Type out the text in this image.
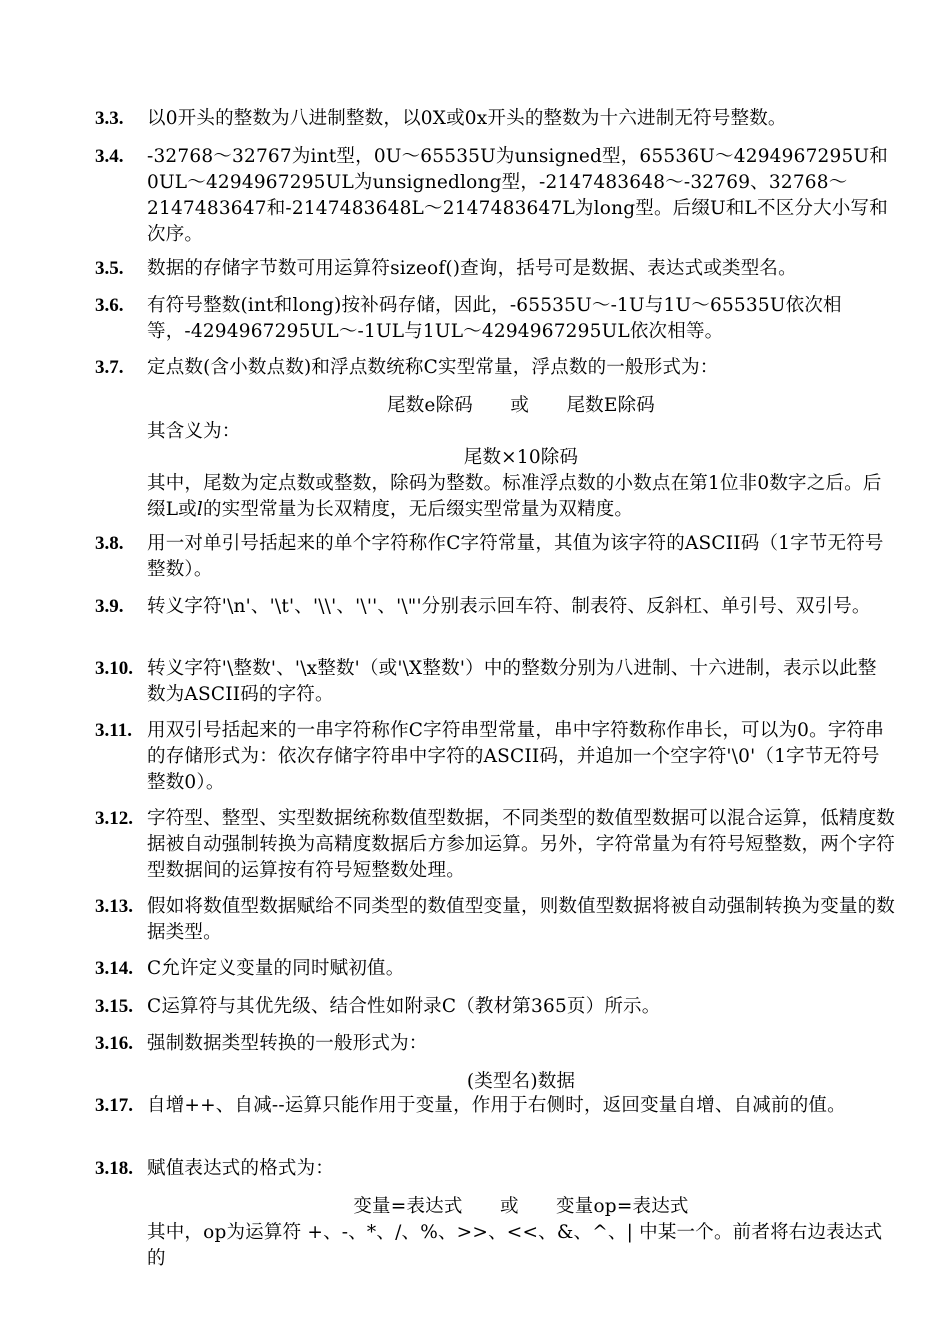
3.3.	以0开头的整数为八进制整数，以0X或0x开头的整数为十六进制无符号整数。
3.4.	-32768～32767为int型，0U～65535U为unsigned型，65536U～4294967295U和0UL～4294967295UL为unsignedlong型，-2147483648～-32769、32768～2147483647和-2147483648L～2147483647L为long型。后缀U和L不区分大小写和次序。
3.5.	数据的存储字节数可用运算符sizeof()查询，括号可是数据、表达式或类型名。
3.6.	有符号整数(int和long)按补码存储，因此，-65535U～-1U与1U～65535U依次相等，-4294967295UL～-1UL与1UL～4294967295UL依次相等。
3.7.	定点数(含小数点数)和浮点数统称C实型常量，浮点数的一般形式为：

尾数e除码　　或　　尾数E除码

其含义为：

尾数×10除码

其中，尾数为定点数或整数，除码为整数。标准浮点数的小数点在第1位非0数字之后。后缀L或l的实型常量为长双精度，无后缀实型常量为双精度。

3.8.	用一对单引号括起来的单个字符称作C字符常量，其值为该字符的ASCII码（1字节无符号整数）。
3.9.	转义字符'\n'、'\t'、'\\'、'\''、'\"'分别表示回车符、制表符、反斜杠、单引号、双引号。
3.10. 转义字符'\整数'、'\x整数'（或'\X整数'）中的整数分别为八进制、十六进制，表示以此整数为ASCII码的字符。
3.11. 用双引号括起来的一串字符称作C字符串型常量，串中字符数称作串长，可以为0。字符串的存储形式为：依次存储字符串中字符的ASCII码，并追加一个空字符'\0'（1字节无符号整数0）。
3.12. 字符型、整型、实型数据统称数值型数据，不同类型的数值型数据可以混合运算，低精度数据被自动强制转换为高精度数据后方参加运算。另外，字符常量为有符号短整数，两个字符型数据间的运算按有符号短整数处理。
3.13. 假如将数值型数据赋给不同类型的数值型变量，则数值型数据将被自动强制转换为变量的数据类型。
3.14. C允许定义变量的同时赋初值。
3.15. C运算符与其优先级、结合性如附录C（教材第365页）所示。
3.16. 强制数据类型转换的一般形式为：

(类型名)数据

3.17. 自增++、自减--运算只能作用于变量，作用于右侧时，返回变量自增、自减前的值。
3.18. 赋值表达式的格式为：

变量=表达式　　或　　变量op=表达式

其中，op为运算符 +、-、*、/、%、>>、<<、&、^、| 中某一个。前者将右边表达式的
